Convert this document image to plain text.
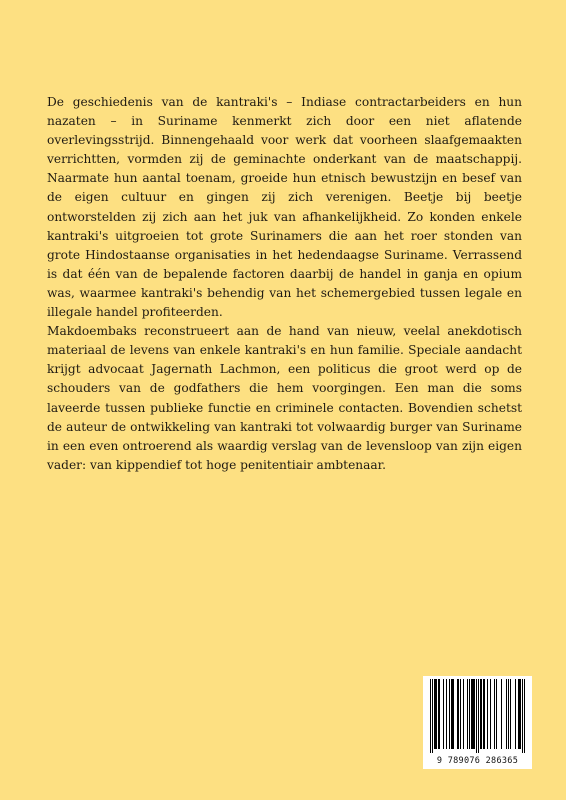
De geschiedenis van de kantraki's – Indiase contractarbeiders en hun nazaten – in Suriname kenmerkt zich door een niet aflatende overlevingsstrijd. Binnengehaald voor werk dat voorheen slaafgemaakten verrichtten, vormden zij de geminachte onderkant van de maatschappij. Naarmate hun aantal toenam, groeide hun etnisch bewustzijn en besef van de eigen cultuur en gingen zij zich verenigen. Beetje bij beetje ontworstelden zij zich aan het juk van afhankelijkheid. Zo konden enkele kantraki's uitgroeien tot grote Surinamers die aan het roer stonden van grote Hindostaanse organisaties in het hedendaagse Suriname. Verrassend is dat één van de bepalende factoren daarbij de handel in ganja en opium was, waarmee kantraki's behendig van het schemergebied tussen legale en illegale handel profiteerden.

Makdoembaks reconstrueert aan de hand van nieuw, veelal anekdotisch materiaal de levens van enkele kantraki's en hun familie. Speciale aandacht krijgt advocaat Jagernath Lachmon, een politicus die groot werd op de schouders van de godfathers die hem voorgingen. Een man die soms laveerde tussen publieke functie en criminele contacten. Bovendien schetst de auteur de ontwikkeling van kantraki tot volwaardig burger van Suriname in een even ontroerend als waardig verslag van de levensloop van zijn eigen vader: van kippendief tot hoge penitentiair ambtenaar.

9 789076 286365
